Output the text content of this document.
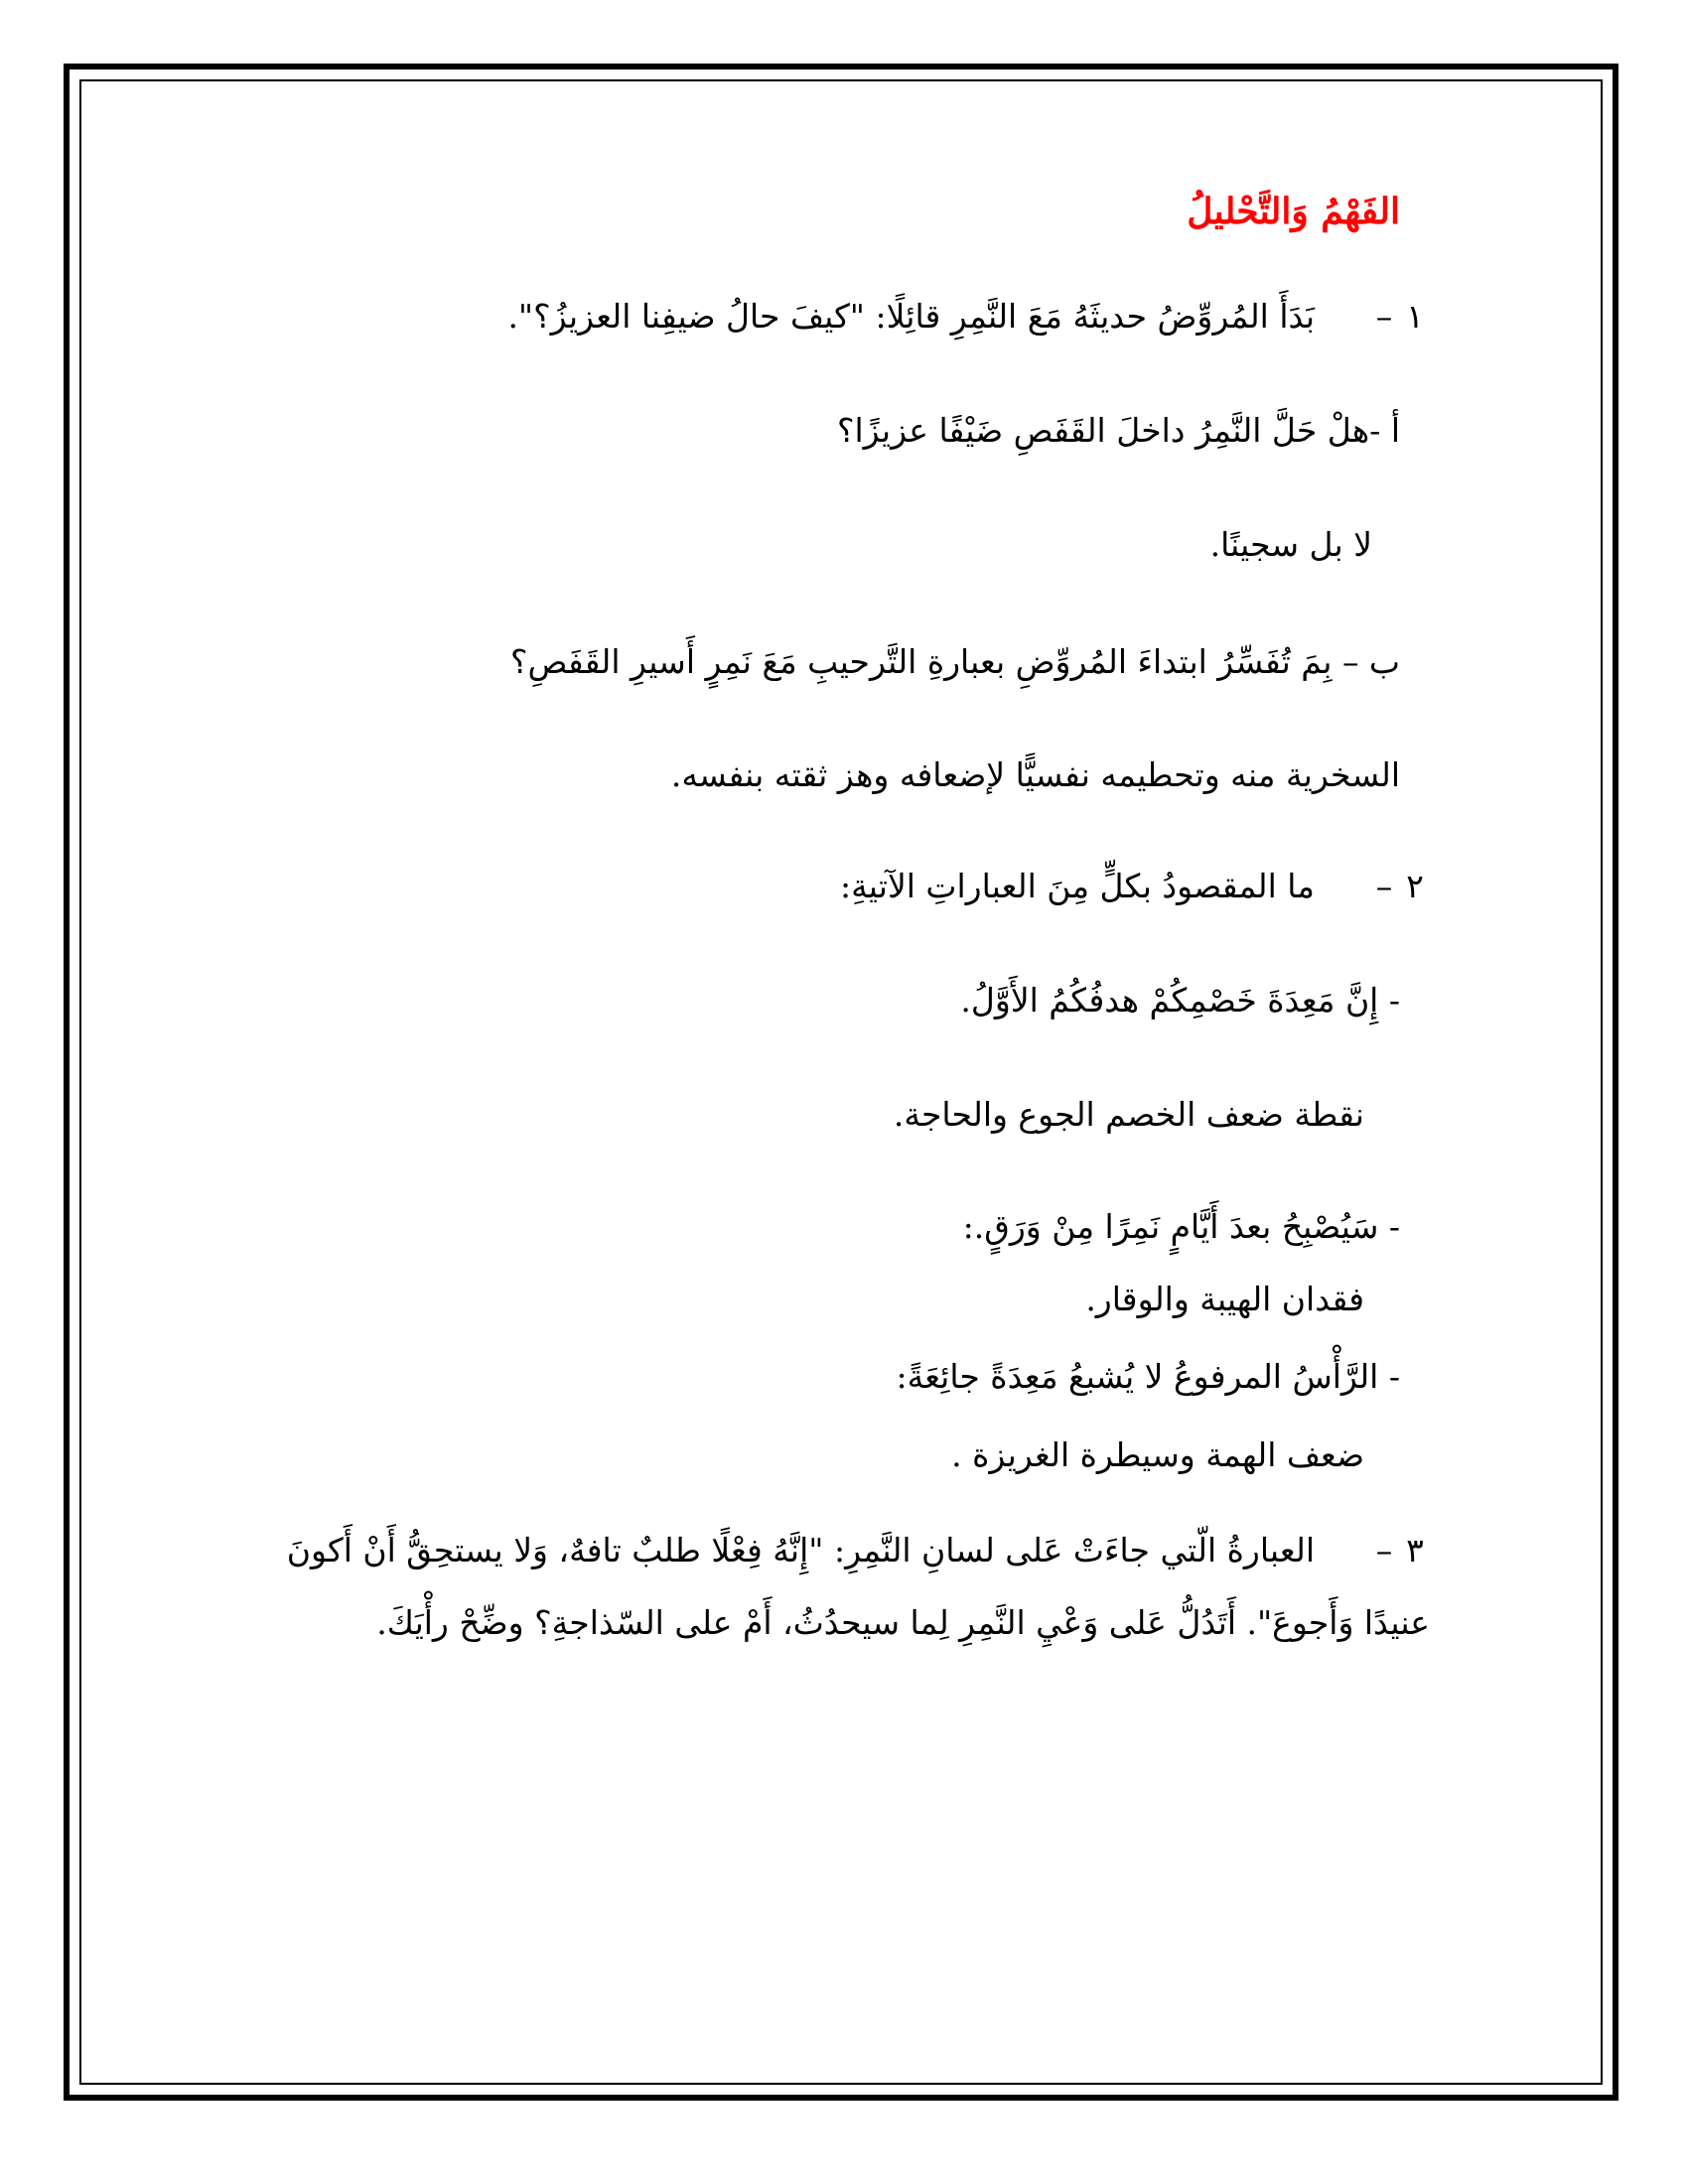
الفَهْمُ وَالتَّحْليلُ
١–بَدَأَ المُروِّضُ حديثَهُ مَعَ النَّمِرِ قائِلًا: "كيفَ حالُ ضيفِنا العزيزُ؟".
أ -هلْ حَلَّ النَّمِرُ داخلَ القَفَصِ ضَيْفًا عزيزًا؟
لا بل سجينًا.
ب – بِمَ تُفَسِّرُ ابتداءَ المُروِّضِ بعبارةِ التَّرحيبِ مَعَ نَمِرٍ أَسيرِ القَفَصِ؟
السخرية منه وتحطيمه نفسيًّا لإضعافه وهز ثقته بنفسه.
٢–ما المقصودُ بكلٍّ مِنَ العباراتِ الآتيةِ:
- إِنَّ مَعِدَةَ خَصْمِكُمْ هدفُكُمُ الأَوَّلُ.
نقطة ضعف الخصم الجوع والحاجة.
- سَيُصْبِحُ بعدَ أَيَّامٍ نَمِرًا مِنْ وَرَقٍ.:
فقدان الهيبة والوقار.
- الرَّأْسُ المرفوعُ لا يُشبعُ مَعِدَةً جائِعَةً:
ضعف الهمة وسيطرة الغريزة .
٣–العبارةُ الّتي جاءَتْ عَلى لسانِ النَّمِرِ: "إِنَّهُ فِعْلًا طلبٌ تافهٌ، وَلا يستحِقُّ أَنْ أَكونَ عنيدًا وَأَجوعَ". أَتَدُلُّ عَلى وَعْيِ النَّمِرِ لِما سيحدُثُ، أَمْ على السّذاجةِ؟ وضِّحْ رأْيَكَ.
